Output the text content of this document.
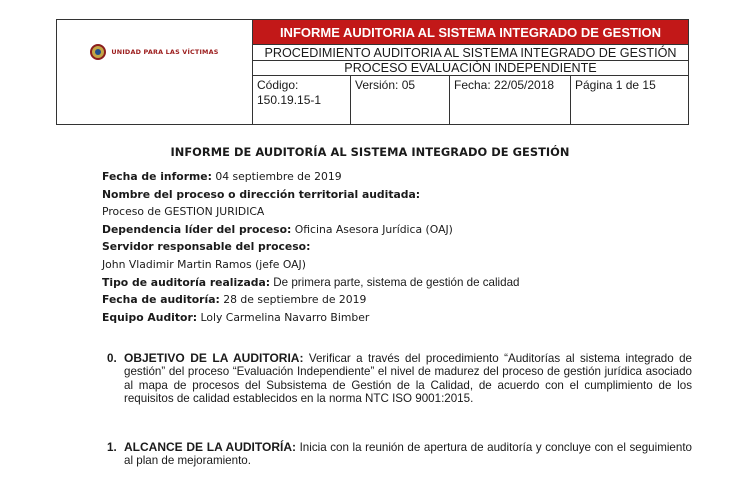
UNIDAD PARA LAS VÍCTIMAS
INFORME AUDITORIA AL SISTEMA INTEGRADO DE GESTION
PROCEDIMIENTO AUDITORIA AL SISTEMA INTEGRADO DE GESTIÓN
PROCESO EVALUACIÒN INDEPENDIENTE
Código: 150.19.15-1
Versión: 05	Fecha: 22/05/2018	Página 1 de 15
INFORME DE AUDITORÍA AL SISTEMA INTEGRADO DE GESTIÓN
Fecha de informe: 04 septiembre de 2019
Nombre del proceso o dirección territorial auditada:
Proceso de GESTION JURIDICA
Dependencia líder del proceso: Oficina Asesora Jurídica (OAJ)
Servidor responsable del proceso:
John Vladimir Martin Ramos (jefe OAJ)
Tipo de auditoría realizada: De primera parte, sistema de gestión de calidad
Fecha de auditoría: 28 de septiembre de 2019
Equipo Auditor: Loly Carmelina Navarro Bimber
0. OBJETIVO DE LA AUDITORIA: Verificar a través del procedimiento “Auditorías al sistema integrado de gestión” del proceso “Evaluación Independiente” el nivel de madurez del proceso de gestión jurídica asociado al mapa de procesos del Subsistema de Gestión de la Calidad, de acuerdo con el cumplimiento de los requisitos de calidad establecidos en la norma NTC ISO 9001:2015.
1. ALCANCE DE LA AUDITORÍA: Inicia con la reunión de apertura de auditoría y concluye con el seguimiento al plan de mejoramiento.
